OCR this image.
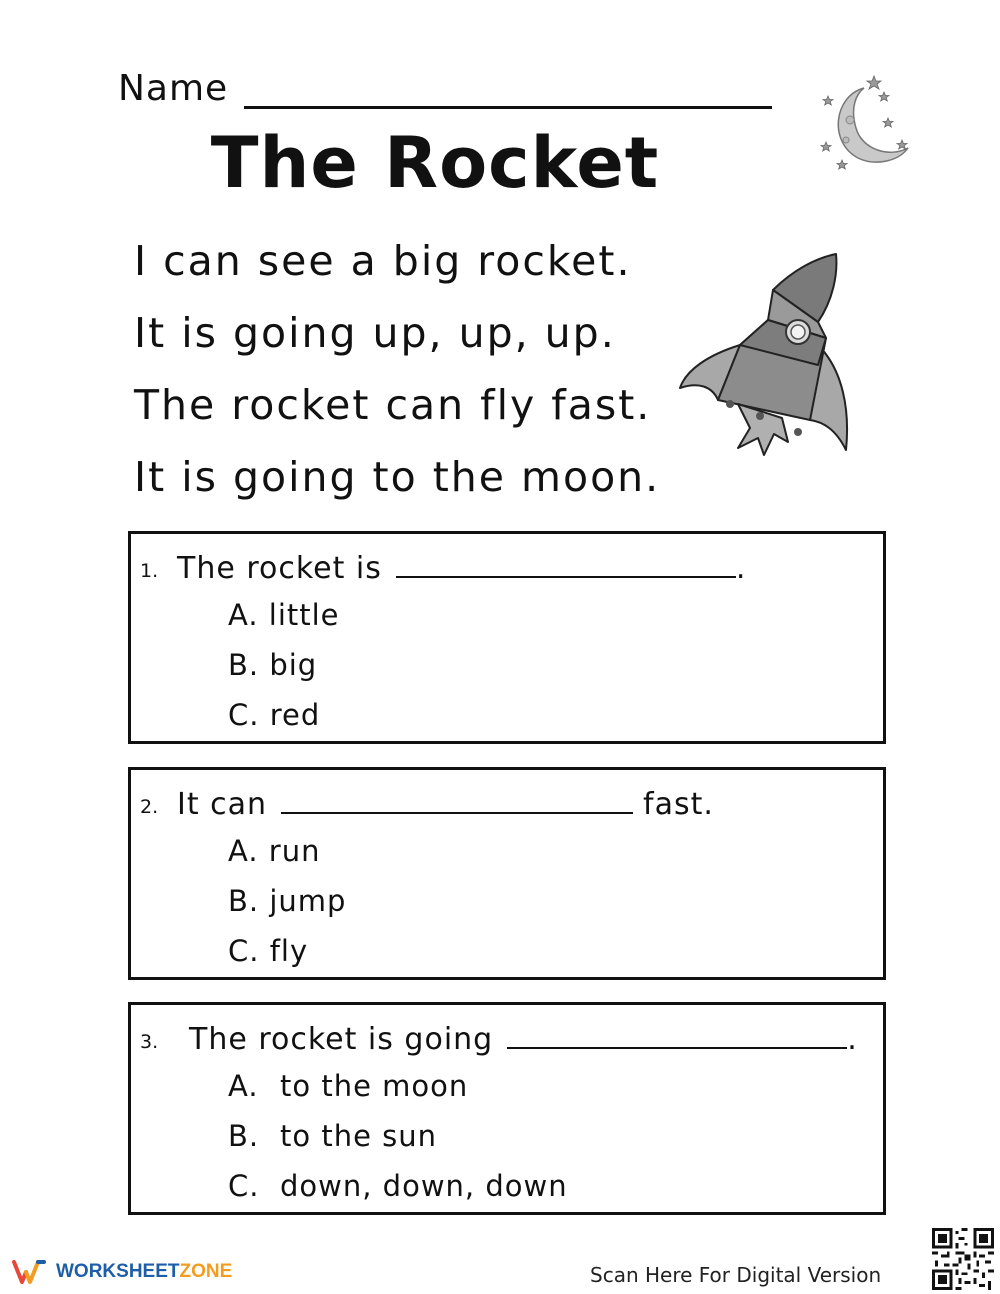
Name
The Rocket
I can see a big rocket.
It is going up, up, up.
The rocket can fly fast.
It is going to the moon.
1. The rocket is	.
A. little
B. big
C. red
2. It can	fast.
A. run
B. jump
C. fly
3. The rocket is going	.
A. to the moon
B. to the sun
C. down, down, down
WORKSHEETZONE	Scan Here For Digital Version
